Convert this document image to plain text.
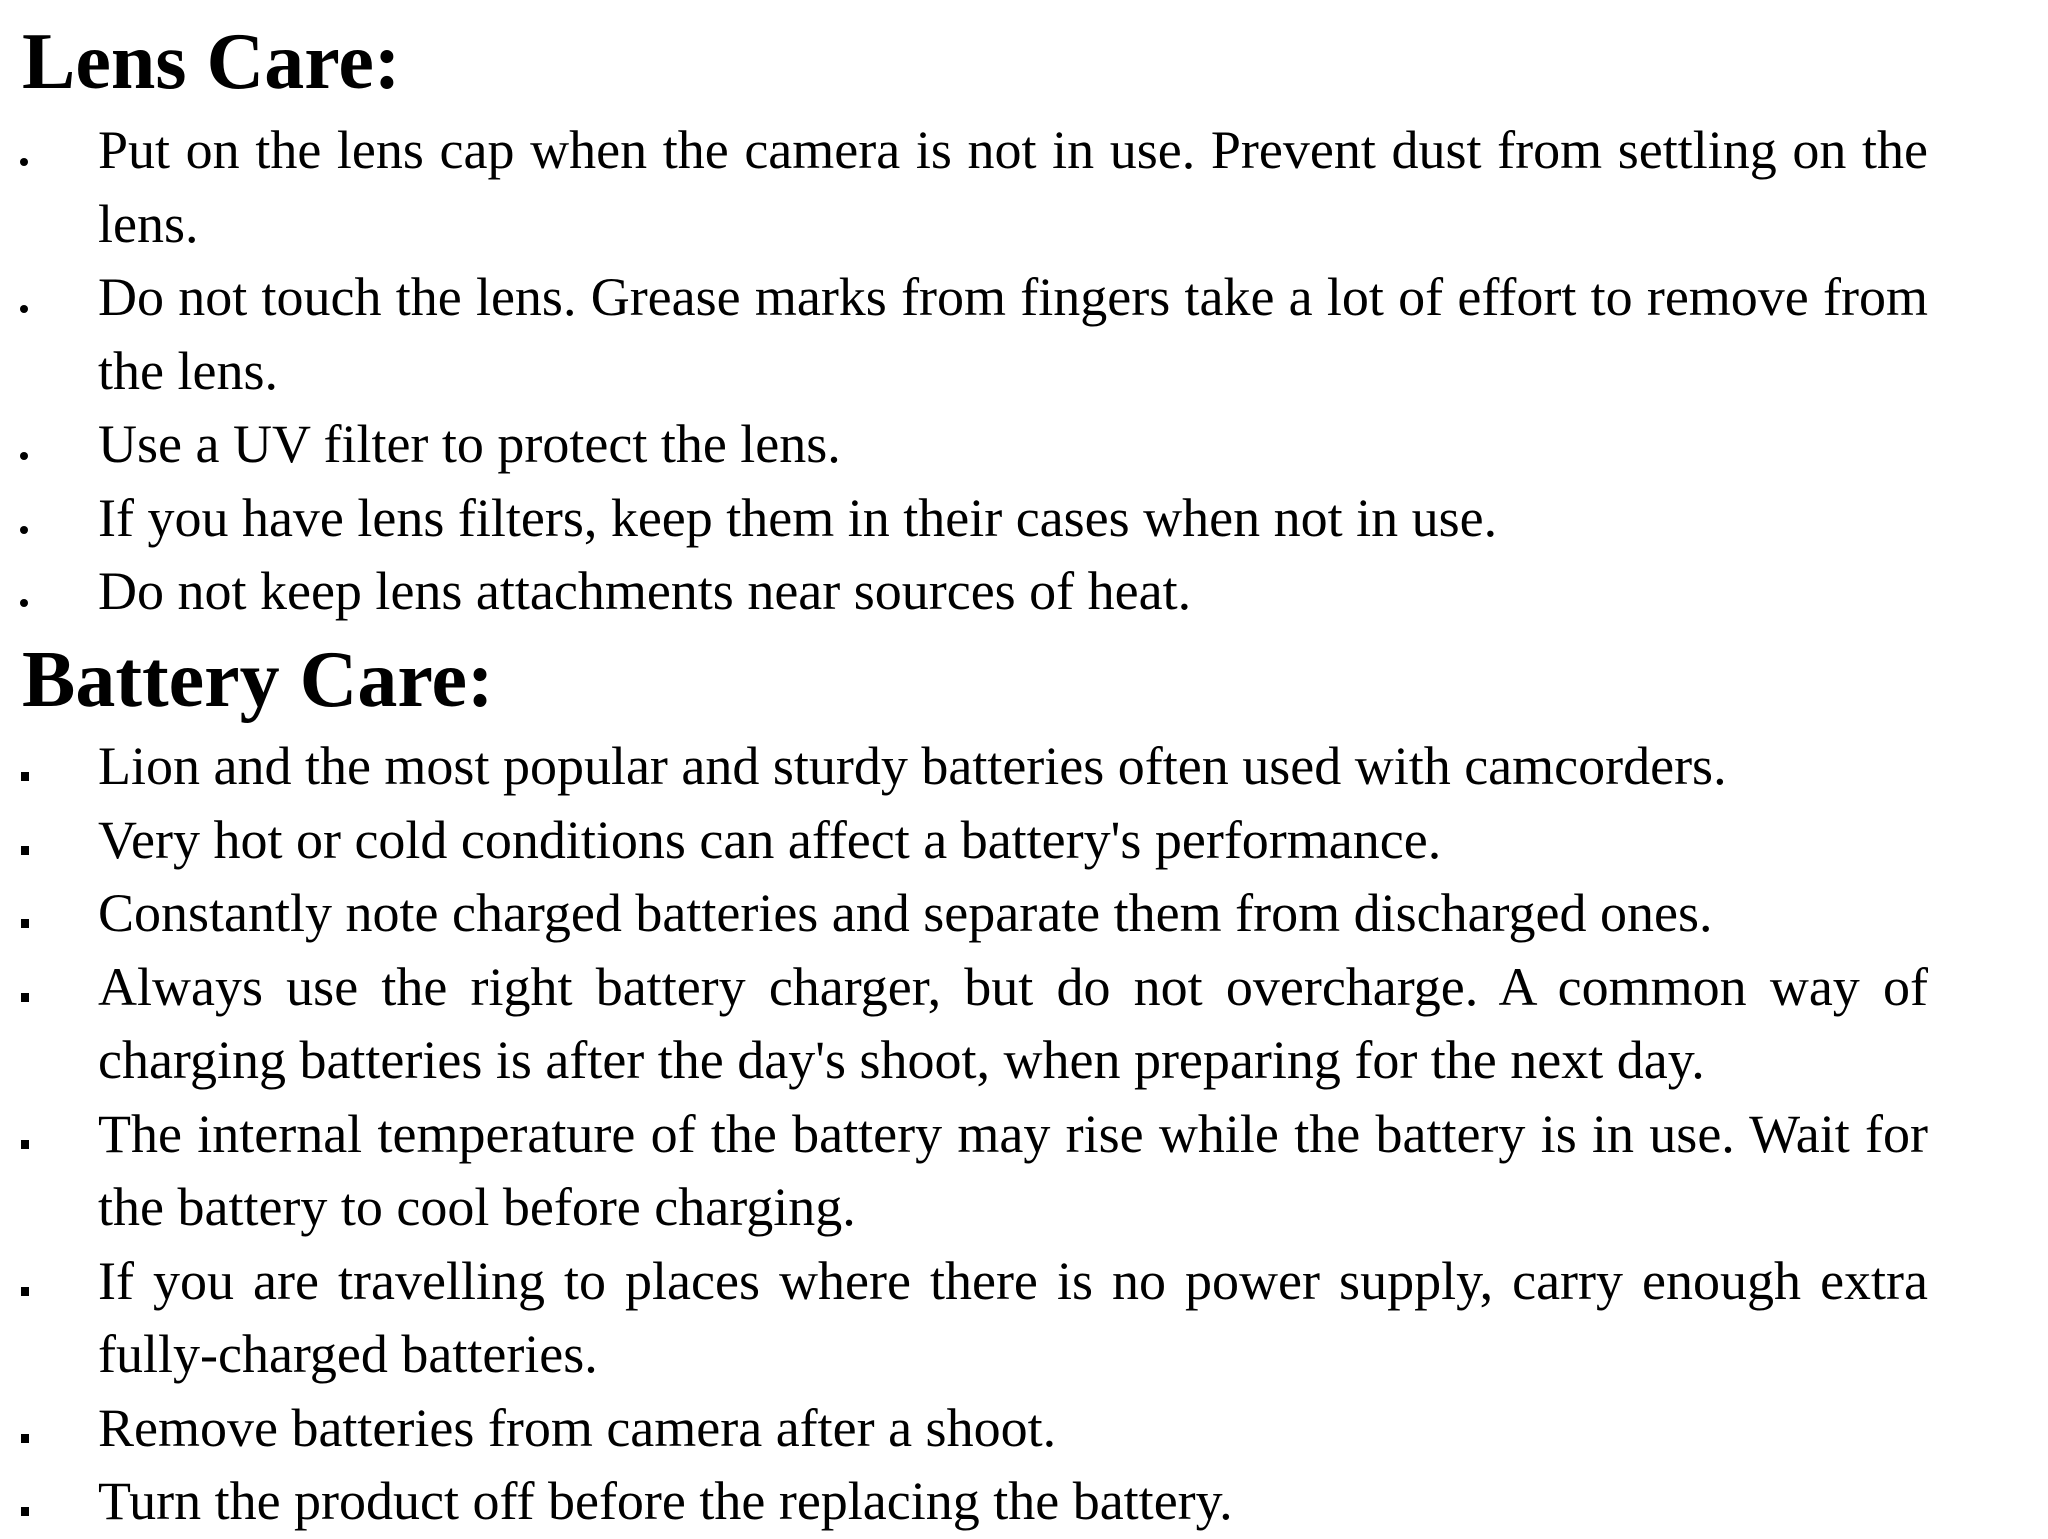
Lens Care:
Put on the lens cap when the camera is not in use. Prevent dust from settling on the lens.
Do not touch the lens. Grease marks from fingers take a lot of effort to remove from the lens.
Use a UV filter to protect the lens.
If you have lens filters, keep them in their cases when not in use.
Do not keep lens attachments near sources of heat.
Battery Care:
Lion and the most popular and sturdy batteries often used with camcorders.
Very hot or cold conditions can affect a battery's performance.
Constantly note charged batteries and separate them from discharged ones.
Always use the right battery charger, but do not overcharge. A common way of charging batteries is after the day's shoot, when preparing for the next day.
The internal temperature of the battery may rise while the battery is in use. Wait for the battery to cool before charging.
If you are travelling to places where there is no power supply, carry enough extra fully-charged batteries.
Remove batteries from camera after a shoot.
Turn the product off before the replacing the battery.
